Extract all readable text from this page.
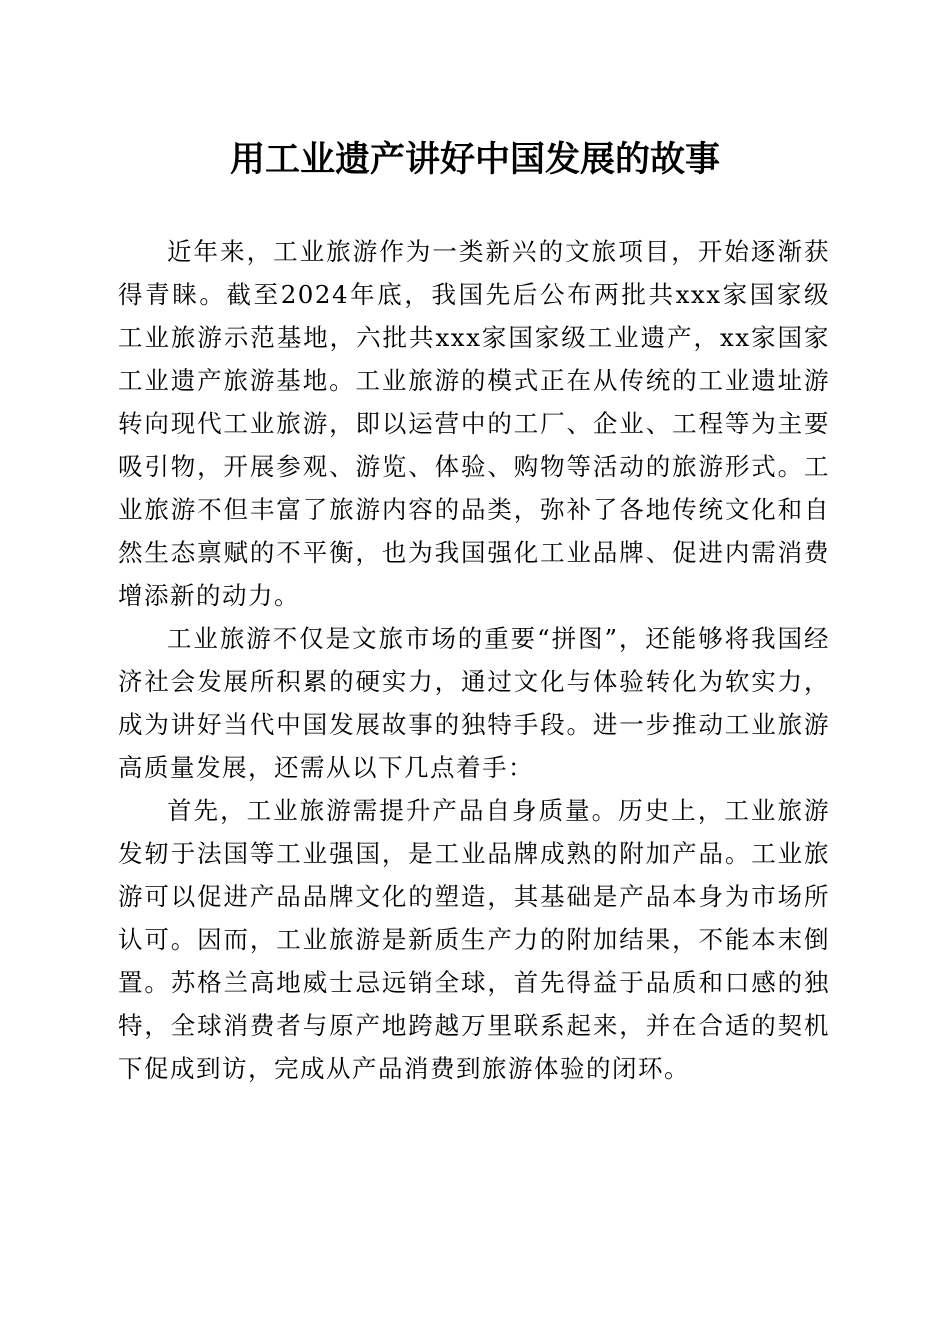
用工业遗产讲好中国发展的故事

近年来，工业旅游作为一类新兴的文旅项目，开始逐渐获得青睐。截至2024年底，我国先后公布两批共xxx家国家级工业旅游示范基地，六批共xxx家国家级工业遗产，xx家国家工业遗产旅游基地。工业旅游的模式正在从传统的工业遗址游转向现代工业旅游，即以运营中的工厂、企业、工程等为主要吸引物，开展参观、游览、体验、购物等活动的旅游形式。工业旅游不但丰富了旅游内容的品类，弥补了各地传统文化和自然生态禀赋的不平衡，也为我国强化工业品牌、促进内需消费增添新的动力。

工业旅游不仅是文旅市场的重要“拼图”，还能够将我国经济社会发展所积累的硬实力，通过文化与体验转化为软实力，成为讲好当代中国发展故事的独特手段。进一步推动工业旅游高质量发展，还需从以下几点着手：

首先，工业旅游需提升产品自身质量。历史上，工业旅游发轫于法国等工业强国，是工业品牌成熟的附加产品。工业旅游可以促进产品品牌文化的塑造，其基础是产品本身为市场所认可。因而，工业旅游是新质生产力的附加结果，不能本末倒置。苏格兰高地威士忌远销全球，首先得益于品质和口感的独特，全球消费者与原产地跨越万里联系起来，并在合适的契机下促成到访，完成从产品消费到旅游体验的闭环。
